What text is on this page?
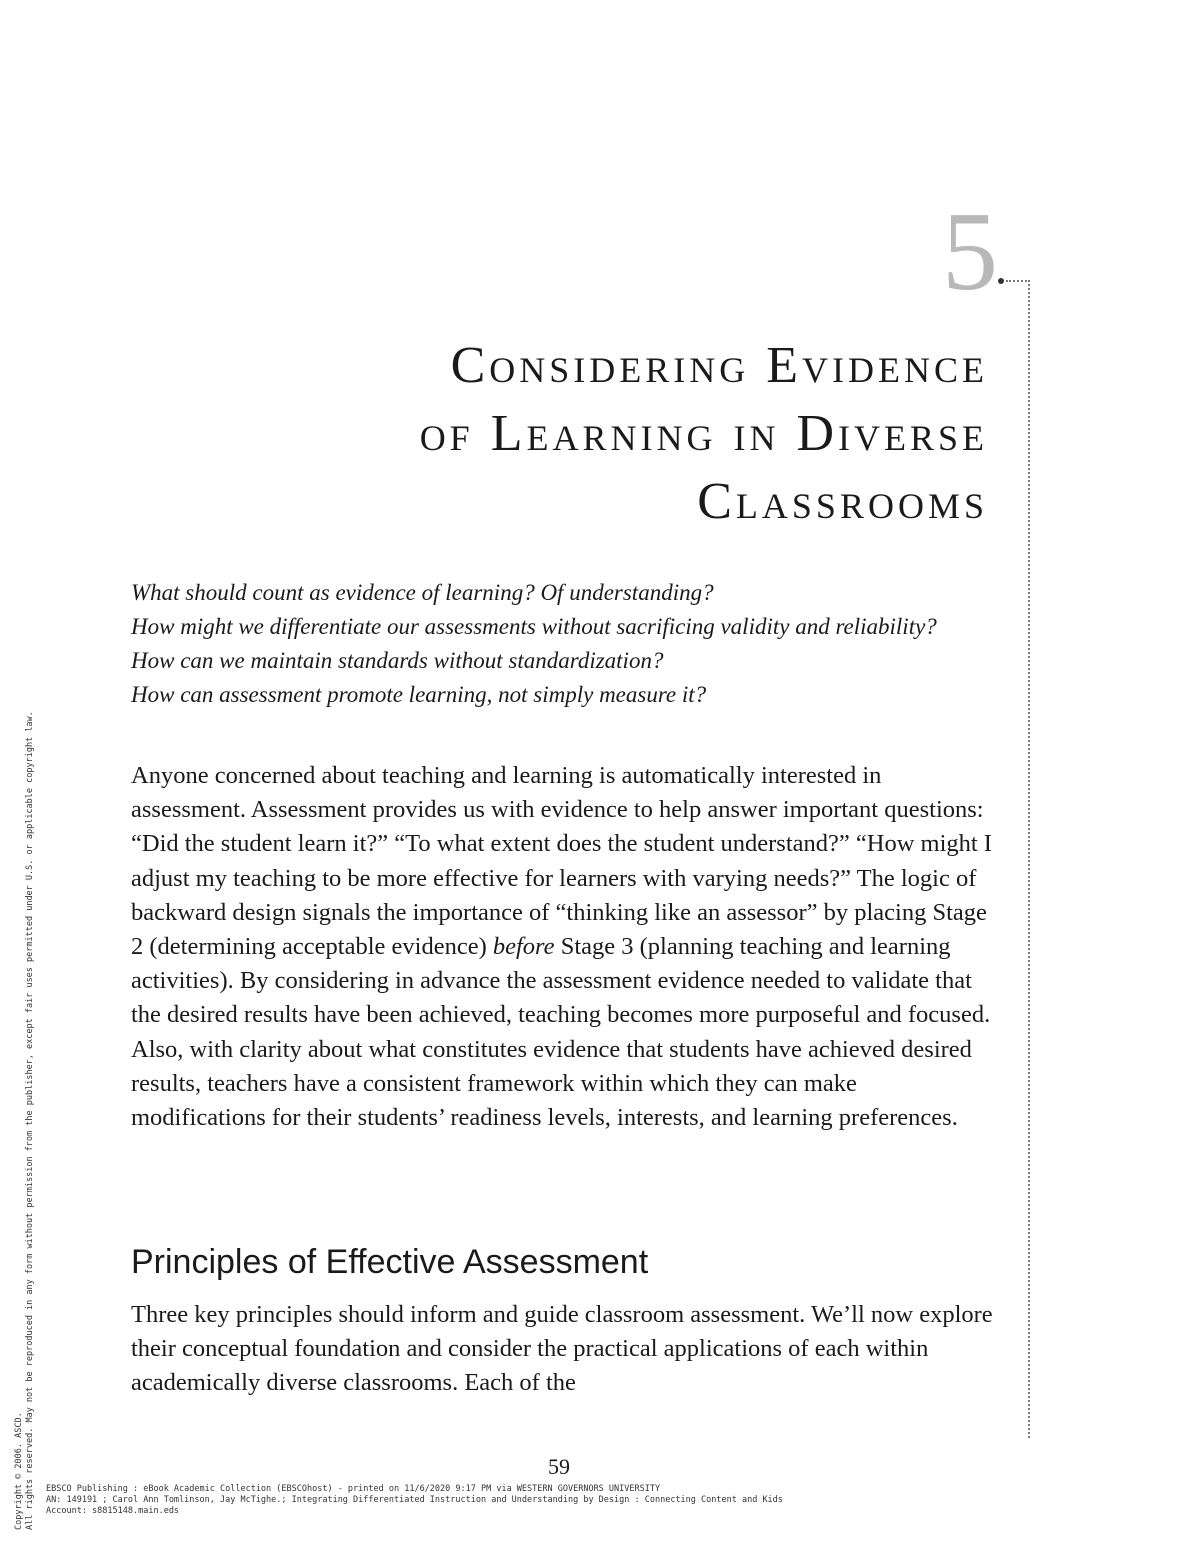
5
Considering Evidence
of Learning in Diverse
Classrooms
What should count as evidence of learning? Of understanding?
How might we differentiate our assessments without sacrificing validity and reliability?
How can we maintain standards without standardization?
How can assessment promote learning, not simply measure it?

Anyone concerned about teaching and learning is automatically interested in assessment. Assessment provides us with evidence to help answer important questions: “Did the student learn it?” “To what extent does the student understand?” “How might I adjust my teaching to be more effective for learners with varying needs?” The logic of backward design signals the importance of “thinking like an assessor” by placing Stage 2 (determining acceptable evidence) before Stage 3 (planning teaching and learning activities). By considering in advance the assessment evidence needed to validate that the desired results have been achieved, teaching becomes more purposeful and focused. Also, with clarity about what constitutes evidence that students have achieved desired results, teachers have a consistent framework within which they can make modifications for their students’ readiness levels, interests, and learning preferences.

Principles of Effective Assessment

Three key principles should inform and guide classroom assessment. We’ll now explore their conceptual foundation and consider the practical applications of each within academically diverse classrooms. Each of the

59
EBSCO Publishing : eBook Academic Collection (EBSCOhost) - printed on 11/6/2020 9:17 PM via WESTERN GOVERNORS UNIVERSITY
AN: 149191 ; Carol Ann Tomlinson, Jay McTighe.; Integrating Differentiated Instruction and Understanding by Design : Connecting Content and Kids
Account: s8815148.main.eds
Copyright © 2006. ASCD. All rights reserved. May not be reproduced in any form without permission from the publisher, except fair uses permitted under U.S. or applicable copyright law.
